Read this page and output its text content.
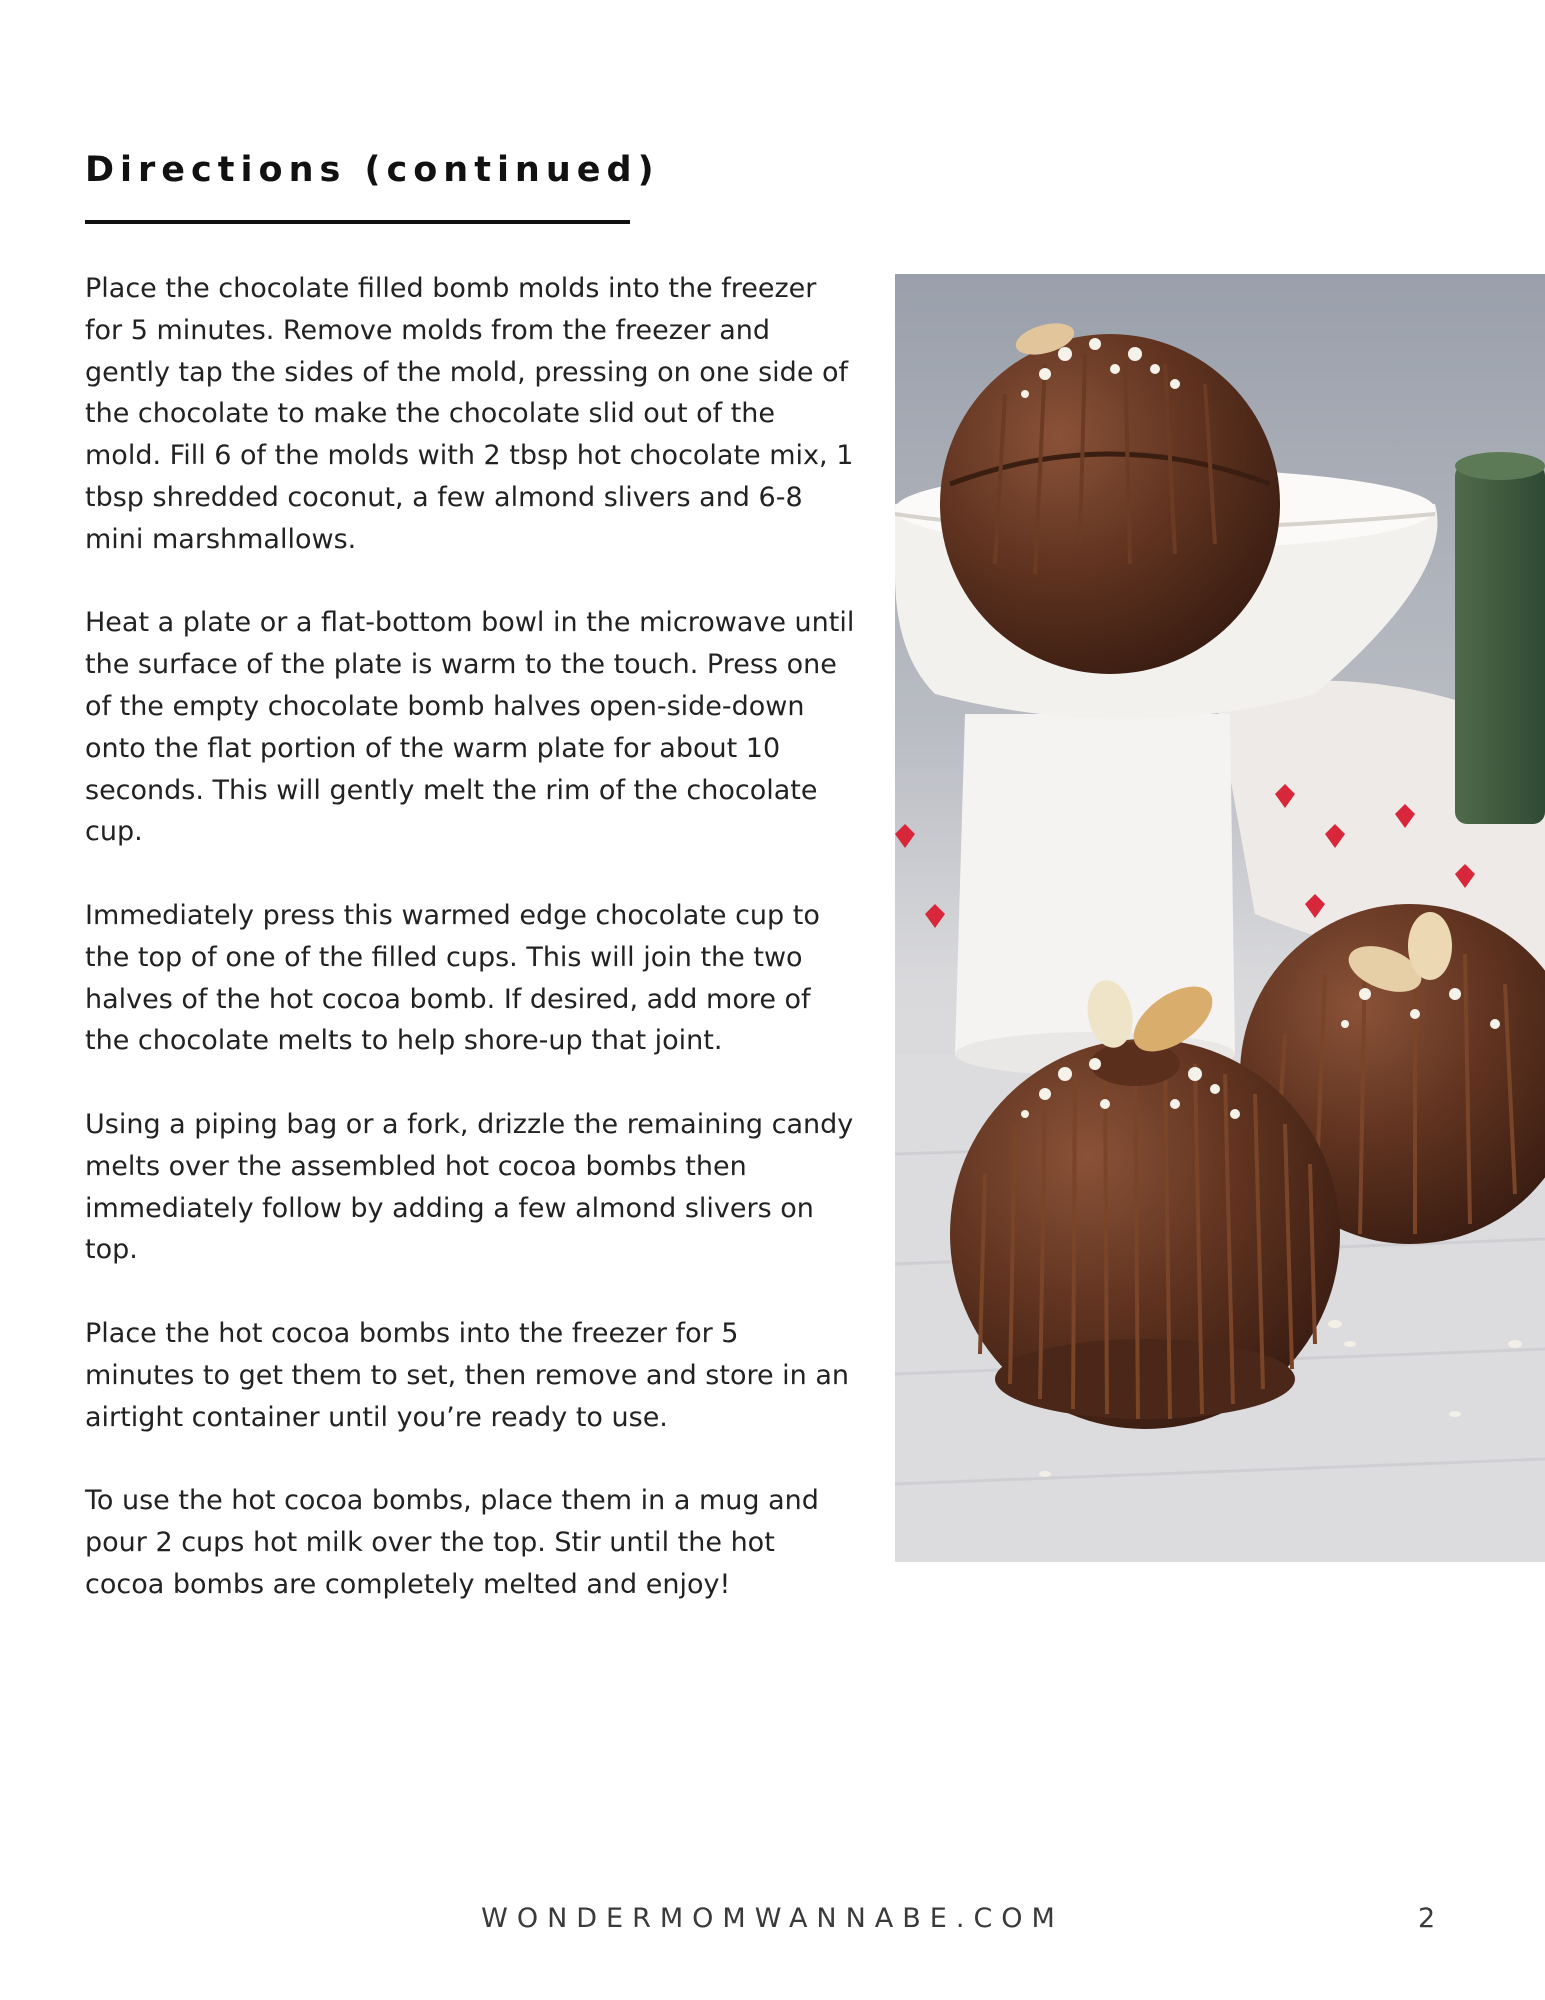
Directions (continued)

Place the chocolate filled bomb molds into the freezer for 5 minutes. Remove molds from the freezer and gently tap the sides of the mold, pressing on one side of the chocolate to make the chocolate slid out of the mold. Fill 6 of the molds with 2 tbsp hot chocolate mix, 1 tbsp shredded coconut, a few almond slivers and 6-8 mini marshmallows.

Heat a plate or a flat-bottom bowl in the microwave until the surface of the plate is warm to the touch. Press one of the empty chocolate bomb halves open-side-down onto the flat portion of the warm plate for about 10 seconds. This will gently melt the rim of the chocolate cup.

Immediately press this warmed edge chocolate cup to the top of one of the filled cups. This will join the two halves of the hot cocoa bomb. If desired, add more of the chocolate melts to help shore-up that joint.

Using a piping bag or a fork, drizzle the remaining candy melts over the assembled hot cocoa bombs then immediately follow by adding a few almond slivers on top.

Place the hot cocoa bombs into the freezer for 5 minutes to get them to set, then remove and store in an airtight container until you’re ready to use.

To use the hot cocoa bombs, place them in a mug and pour 2 cups hot milk over the top. Stir until the hot cocoa bombs are completely melted and enjoy!

WONDERMOMWANNABE.COM	2
